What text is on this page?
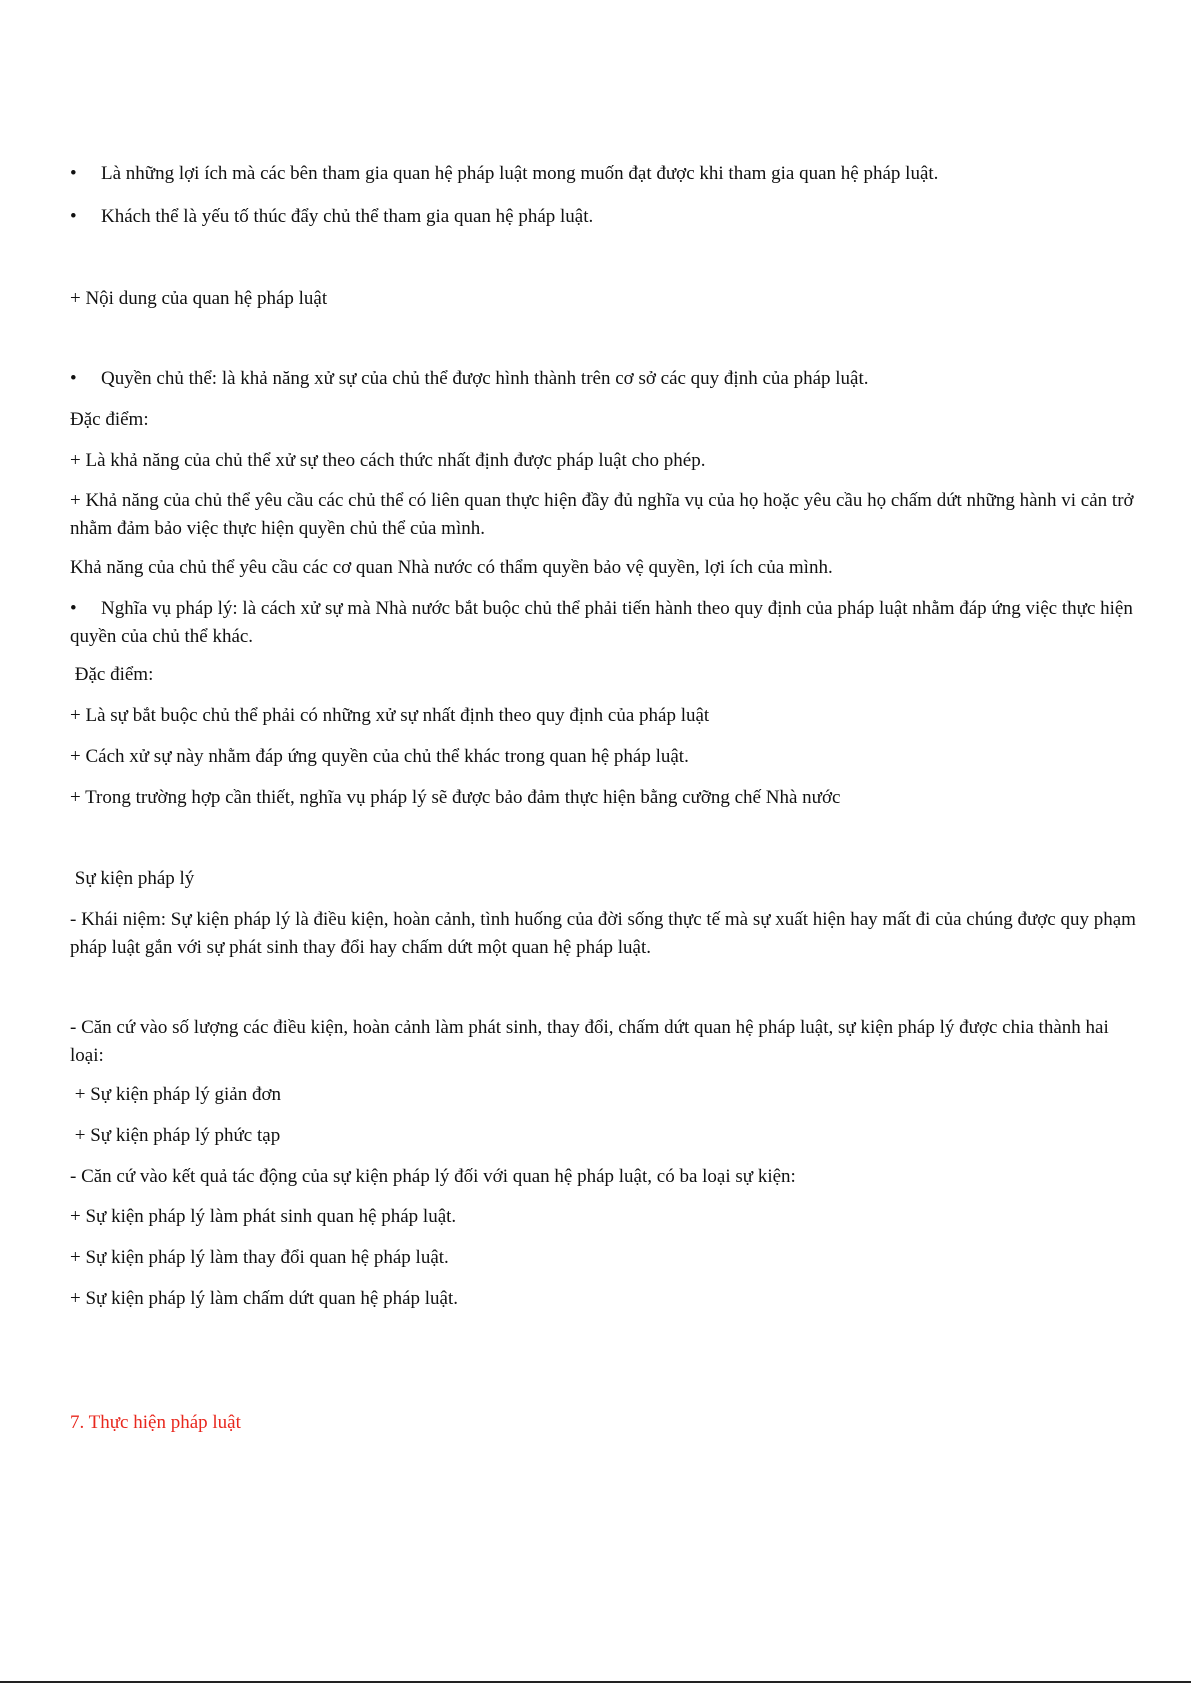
• Là những lợi ích mà các bên tham gia quan hệ pháp luật mong muốn đạt được khi tham gia quan hệ pháp luật.
• Khách thể là yếu tố thúc đẩy chủ thể tham gia quan hệ pháp luật.
+ Nội dung của quan hệ pháp luật
• Quyền chủ thể: là khả năng xử sự của chủ thể được hình thành trên cơ sở các quy định của pháp luật.
Đặc điểm:
+ Là khả năng của chủ thể xử sự theo cách thức nhất định được pháp luật cho phép.
+ Khả năng của chủ thể yêu cầu các chủ thể có liên quan thực hiện đầy đủ nghĩa vụ của họ hoặc yêu cầu họ chấm dứt những hành vi cản trở nhằm đảm bảo việc thực hiện quyền chủ thể của mình.
Khả năng của chủ thể yêu cầu các cơ quan Nhà nước có thẩm quyền bảo vệ quyền, lợi ích của mình.
• Nghĩa vụ pháp lý: là cách xử sự mà Nhà nước bắt buộc chủ thể phải tiến hành theo quy định của pháp luật nhằm đáp ứng việc thực hiện quyền của chủ thể khác.
Đặc điểm:
+ Là sự bắt buộc chủ thể phải có những xử sự nhất định theo quy định của pháp luật
+ Cách xử sự này nhằm đáp ứng quyền của chủ thể khác trong quan hệ pháp luật.
+ Trong trường hợp cần thiết, nghĩa vụ pháp lý sẽ được bảo đảm thực hiện bằng cưỡng chế Nhà nước
Sự kiện pháp lý
- Khái niệm: Sự kiện pháp lý là điều kiện, hoàn cảnh, tình huống của đời sống thực tế mà sự xuất hiện hay mất đi của chúng được quy phạm pháp luật gắn với sự phát sinh thay đổi hay chấm dứt một quan hệ pháp luật.
- Căn cứ vào số lượng các điều kiện, hoàn cảnh làm phát sinh, thay đổi, chấm dứt quan hệ pháp luật, sự kiện pháp lý được chia thành hai loại:
+ Sự kiện pháp lý giản đơn
+ Sự kiện pháp lý phức tạp
- Căn cứ vào kết quả tác động của sự kiện pháp lý đối với quan hệ pháp luật, có ba loại sự kiện:
+ Sự kiện pháp lý làm phát sinh quan hệ pháp luật.
+ Sự kiện pháp lý làm thay đổi quan hệ pháp luật.
+ Sự kiện pháp lý làm chấm dứt quan hệ pháp luật.
7. Thực hiện pháp luật
